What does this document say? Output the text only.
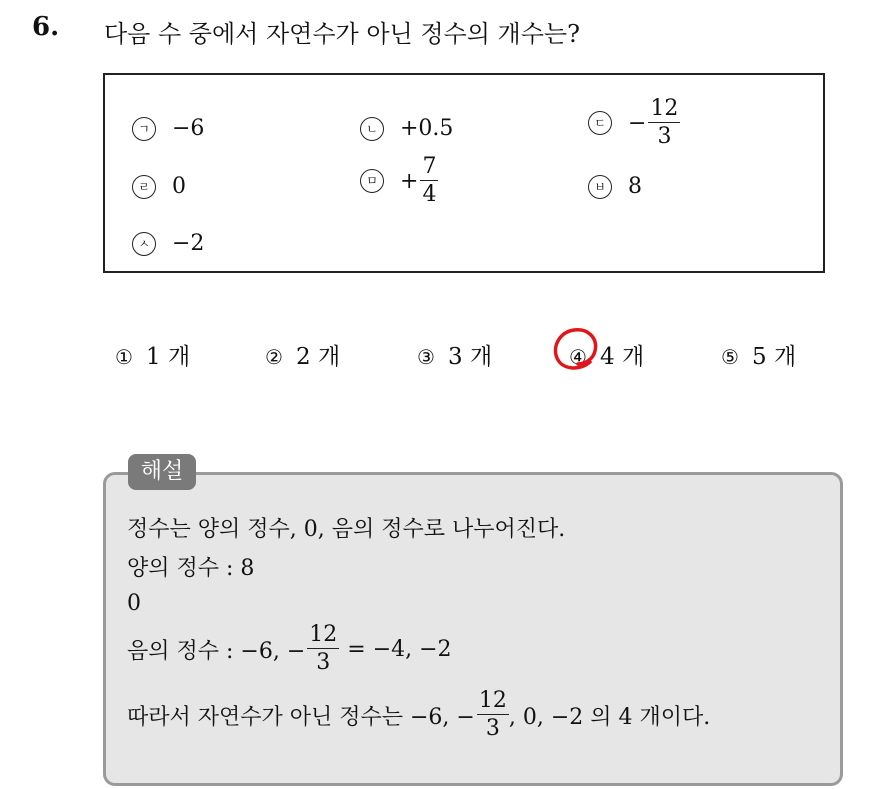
6. 다음 수 중에서 자연수가 아닌 정수의 개수는?
ㄱ −6	ㄴ +0.5	ㄷ − $\frac{12}{3}$
ㄹ 0	ㅁ + $\frac{7}{4}$	ㅂ 8
ㅅ −2
① 1 개	② 2 개	③ 3 개	④ 4 개	⑤ 5 개
해설
정수는 양의 정수, 0, 음의 정수로 나누어진다.
양의 정수 : 8
0
음의 정수 : −6, − $\frac{12}{3} = -4$, −2
따라서 자연수가 아닌 정수는 −6, − $\frac{12}{3}$ , 0, −2 의 4 개이다.
